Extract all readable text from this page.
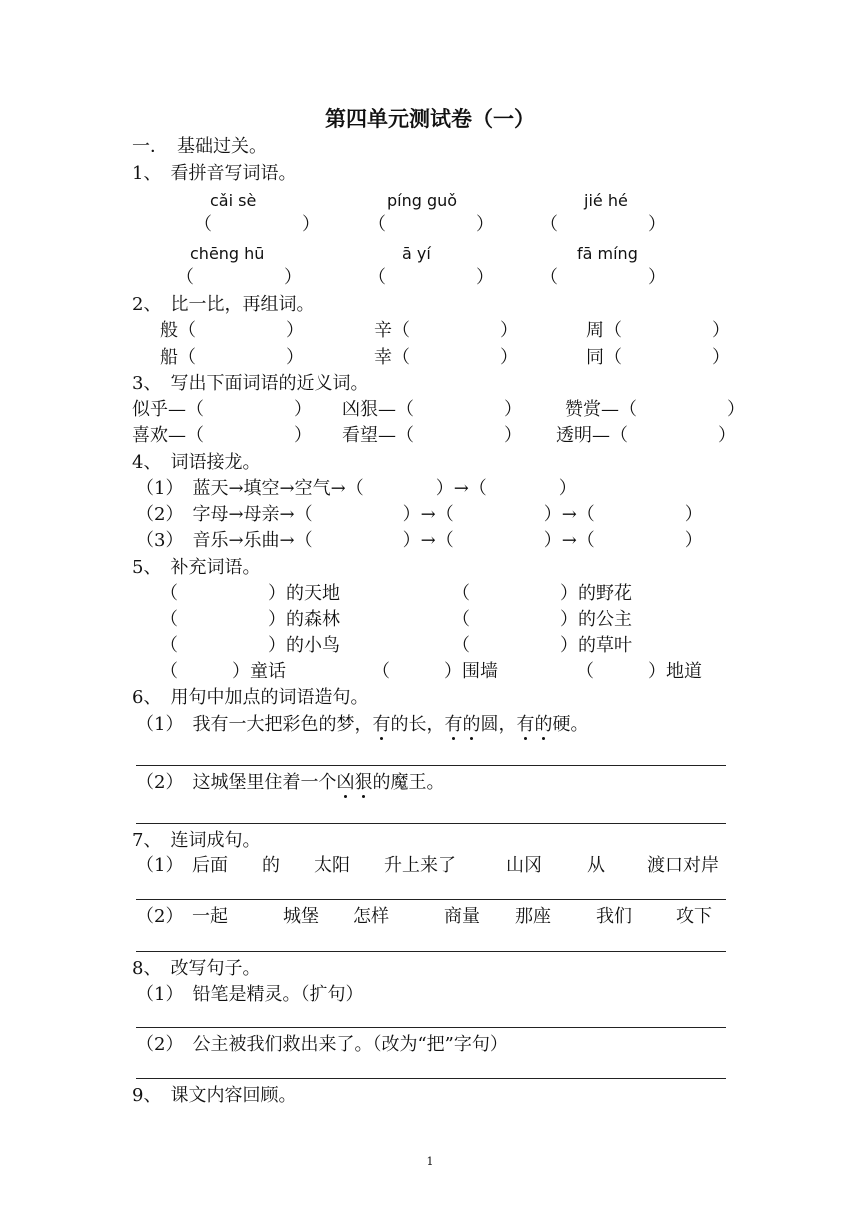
第四单元测试卷（一）
一．　基础过关。
1、　看拼音写词语。
cǎi sè	píng guǒ	jié hé
（　　　　　）	（　　　　　）	（　　　　　）
chēng hū	ā yí	fā míng
（　　　　　）	（　　　　　）	（　　　　　）
2、　比一比，再组词。
般（　　　　　）	辛（　　　　　）	周（　　　　　）
船（　　　　　）	幸（　　　　　）	同（　　　　　）
3、　写出下面词语的近义词。
似乎—（　　　　　） 凶狠—（　　　　　） 赞赏—（　　　　　）
喜欢—（　　　　　） 看望—（　　　　　） 透明—（　　　　　）
4、　词语接龙。
（1）　蓝天→填空→空气→（　　　　）→（　　　　）
（2）　字母→母亲→（　　　　　）→（　　　　　）→（　　　　　）
（3）　音乐→乐曲→（　　　　　）→（　　　　　）→（　　　　　）
5、　补充词语。
（　　　　　）的天地	（　　　　　）的野花
（　　　　　）的森林	（　　　　　）的公主
（　　　　　）的小鸟	（　　　　　）的草叶
（　　　）童话	（　　　）围墙	（　　　）地道
6、　用句中加点的词语造句。
（1）　我有一大把彩色的梦，有的长，有的圆，有的硬。
（2）　这城堡里住着一个凶狠的魔王。
7、　连词成句。
（1） 后面 的 太阳 升上来了	山冈	从 渡口对岸
（2） 一起	城堡 怎样	商量 那座	我们 攻下
8、　改写句子。
（1）　铅笔是精灵。（扩句）
（2）　公主被我们救出来了。（改为“把”字句）
9、　课文内容回顾。
1
